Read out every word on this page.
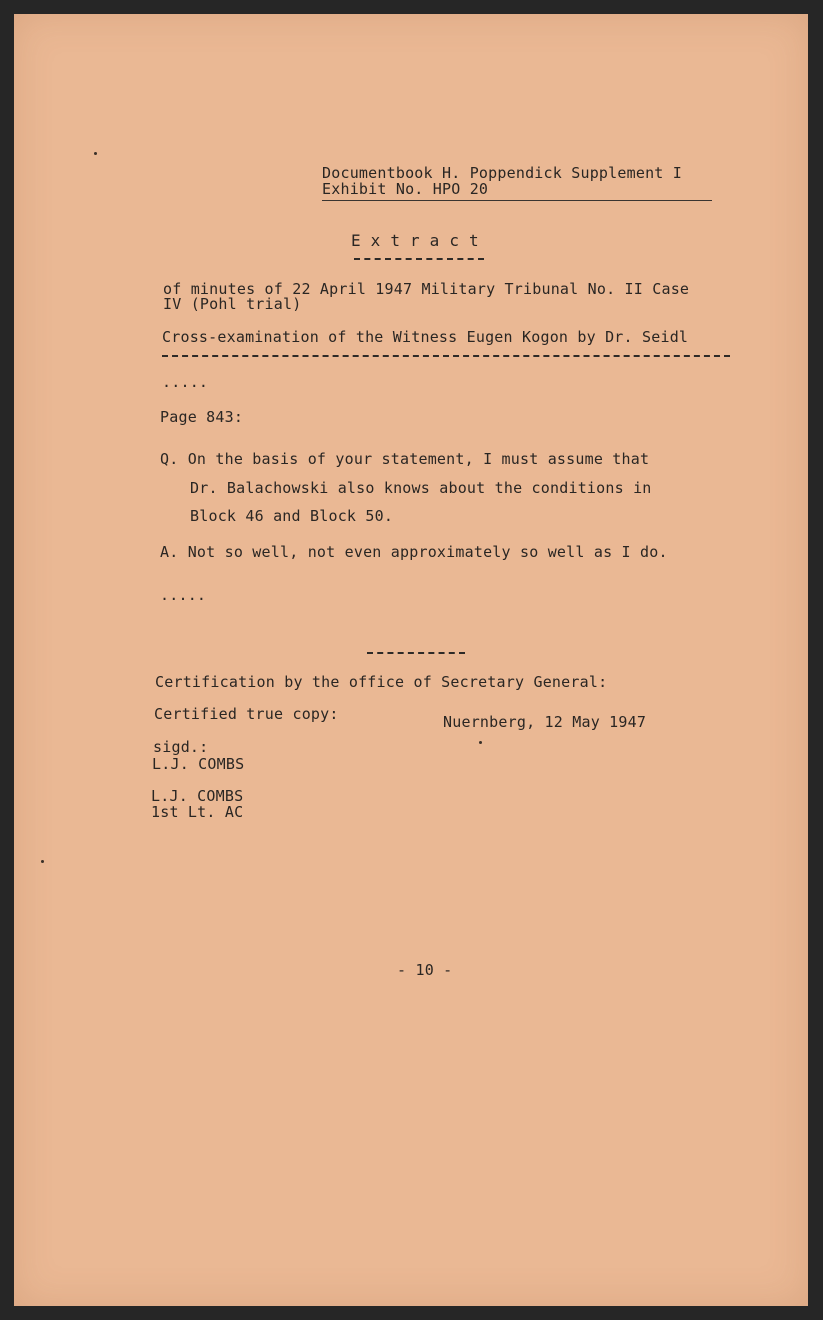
Documentbook H. Poppendick Supplement I
Exhibit No. HPO 20
E x t r a c t
of minutes of 22 April 1947 Military Tribunal No. II Case
IV (Pohl trial)
Cross-examination of the Witness Eugen Kogon by Dr. Seidl
.....
Page 843:
Q. On the basis of your statement, I must assume that
Dr. Balachowski also knows about the conditions in
Block 46 and Block 50.
A. Not so well, not even approximately so well as I do.
.....
Certification by the office of Secretary General:
Certified true copy:	Nuernberg, 12 May 1947
sigd.:
L.J. COMBS
L.J. COMBS
1st Lt. AC
- 10 -
